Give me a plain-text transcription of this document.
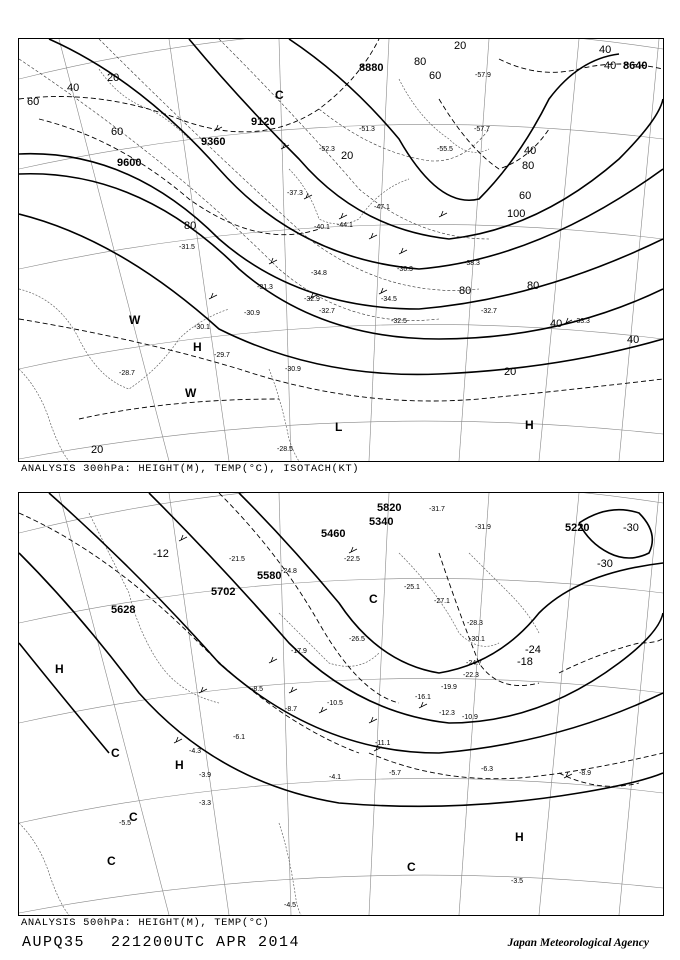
9600
9360
9120
8880	8640
20
40
60
80
20
40
60
80
100
80
60
40
40
20
20
20
40
60
80	80
40
-30.1
-29.7
-28.7
-31.5
-30.9
-32.9
-31.3
-32.7
-32.5
-32.7
-33.3
-34.5
-36.3
-38.3
-34.8
-37.3
-40.1 -44.1
-47.1
-52.3
-51.3
-55.5
-57.7
-57.9
-30.9
-28.5
H
W
W
L	H
C
ANALYSIS 300hPa: HEIGHT(M), TEMP(°C), ISOTACH(KT)
5820
5340
5460
5580
5702
5220
5628
-12
-30
-30
-24
-18
-21.5	-22.5
-24.8
-25.1
-27.1
-26.5
-28.3
-30.1
-24.7
-22.3
-17.9
-19.9
-16.1
-12.3
-10.9
-10.5
-8.7
-8.5
-6.1
-4.1
-4.3
-3.9
-3.3
-5.5
-6.3
-8.9
-11.1
-5.7
-3.5
-4.5
-31.9
-31.7
H
C
H
C
C
H
C
C
ANALYSIS 500hPa: HEIGHT(M), TEMP(°C)
AUPQ35 221200UTC APR 2014	Japan Meteorological Agency
